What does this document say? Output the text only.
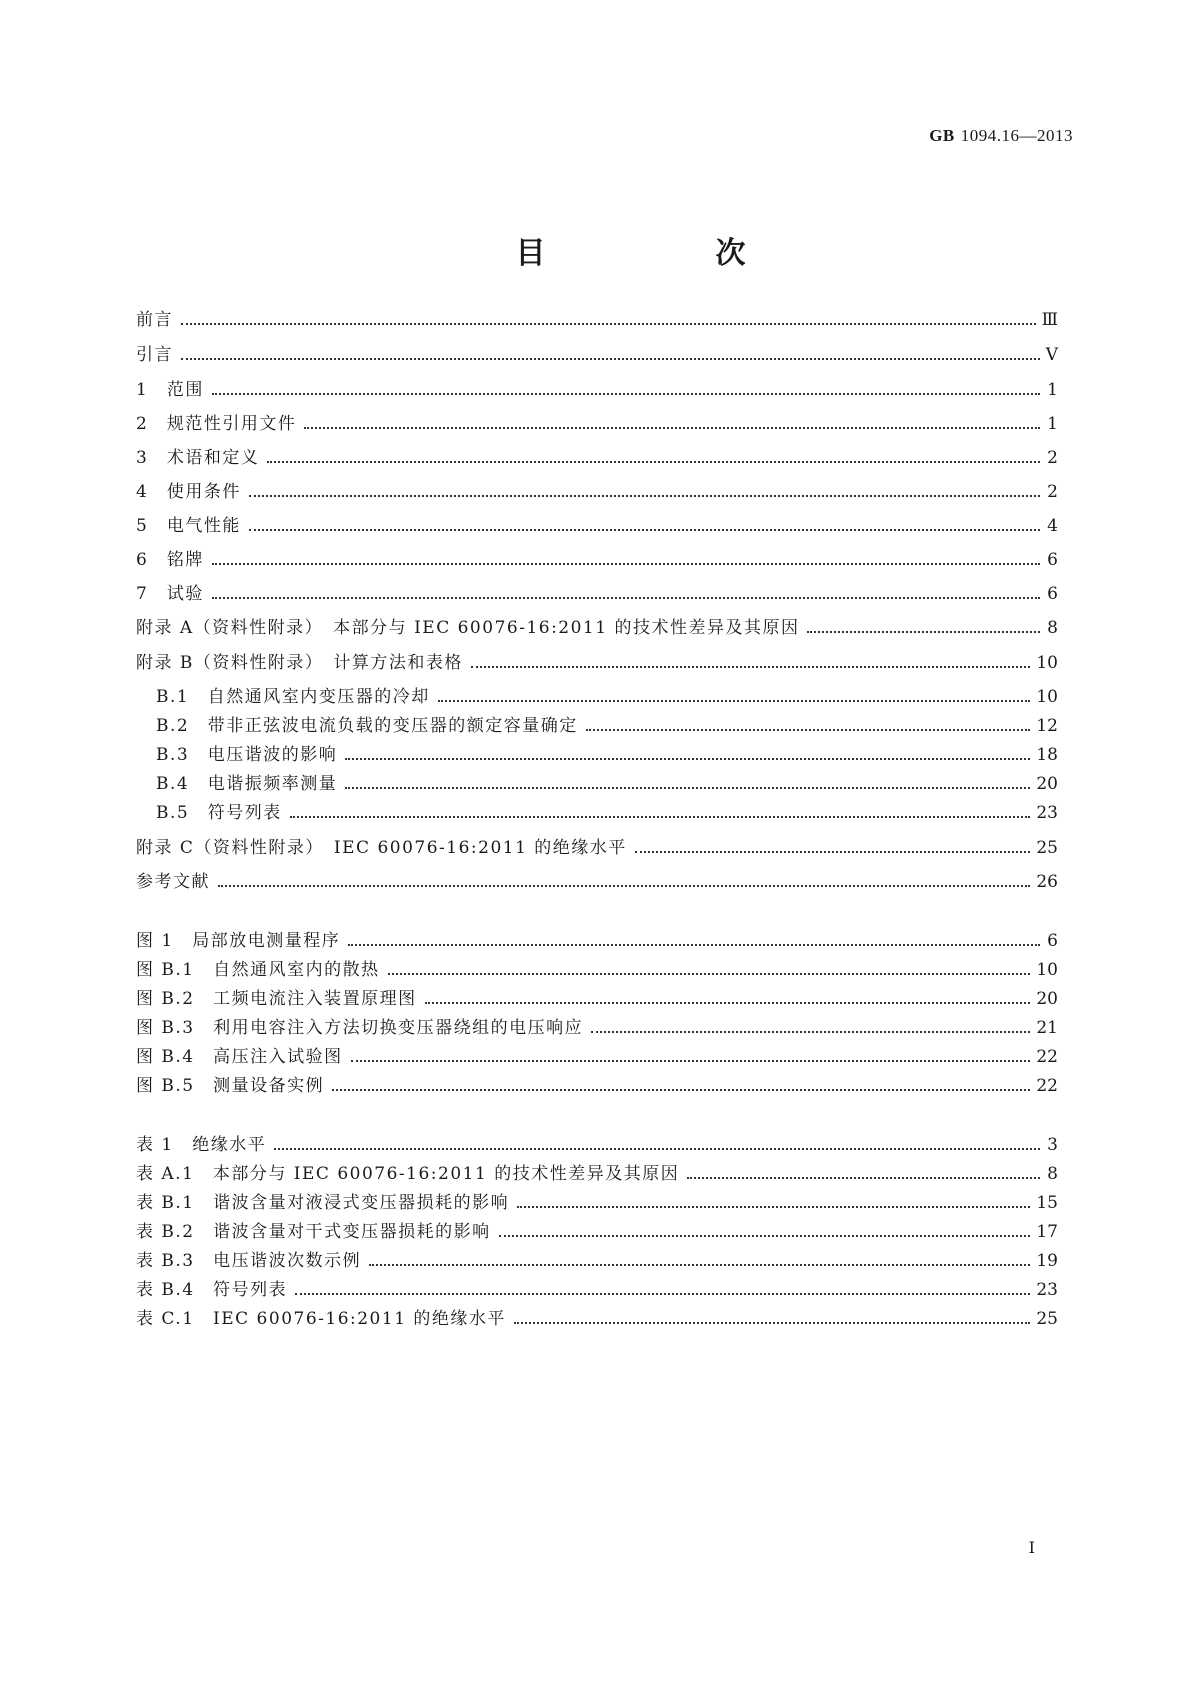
GB 1094.16—2013
目　次
前言	Ⅲ
引言	Ⅴ
1　范围	1
2　规范性引用文件	1
3　术语和定义	2
4　使用条件	2
5　电气性能	4
6　铭牌	6
7　试验	6
附录 A（资料性附录）　本部分与 IEC 60076-16:2011 的技术性差异及其原因	8
附录 B（资料性附录）　计算方法和表格	10
B.1　自然通风室内变压器的冷却	10
B.2　带非正弦波电流负载的变压器的额定容量确定	12
B.3　电压谐波的影响	18
B.4　电谐振频率测量	20
B.5　符号列表	23
附录 C（资料性附录）　IEC 60076-16:2011 的绝缘水平	25
参考文献	26
图 1　局部放电测量程序	6
图 B.1　自然通风室内的散热	10
图 B.2　工频电流注入装置原理图	20
图 B.3　利用电容注入方法切换变压器绕组的电压响应	21
图 B.4　高压注入试验图	22
图 B.5　测量设备实例	22
表 1　绝缘水平	3
表 A.1　本部分与 IEC 60076-16:2011 的技术性差异及其原因	8
表 B.1　谐波含量对液浸式变压器损耗的影响	15
表 B.2　谐波含量对干式变压器损耗的影响	17
表 B.3　电压谐波次数示例	19
表 B.4　符号列表	23
表 C.1　IEC 60076-16:2011 的绝缘水平	25
I
